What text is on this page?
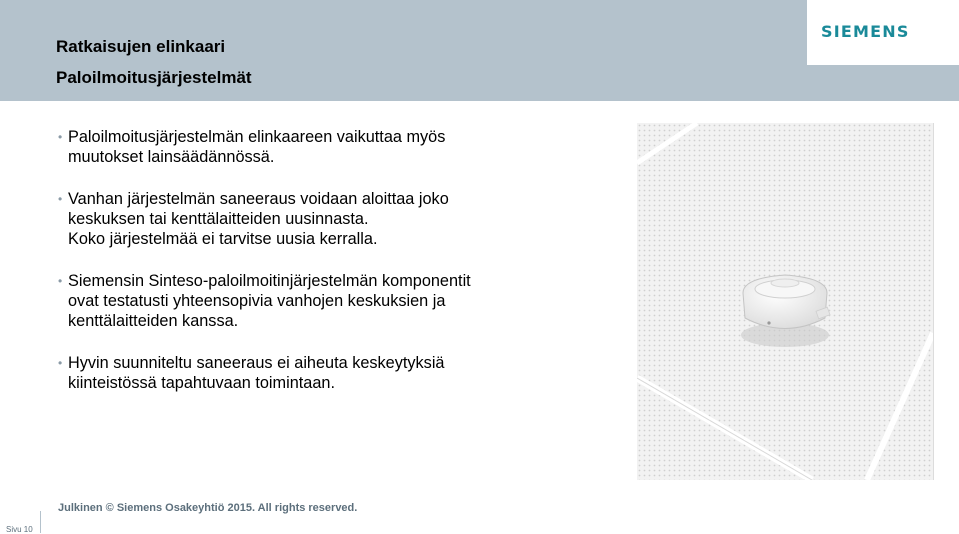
Ratkaisujen elinkaari
Paloilmoitusjärjestelmät
SIEMENS
• Paloilmoitusjärjestelmän elinkaareen vaikuttaa myös
muutokset lainsäädännössä.
• Vanhan järjestelmän saneeraus voidaan aloittaa joko
keskuksen tai kenttälaitteiden uusinnasta.
Koko järjestelmää ei tarvitse uusia kerralla.
• Siemensin Sinteso-paloilmoitinjärjestelmän komponentit
ovat testatusti yhteensopivia vanhojen keskuksien ja
kenttälaitteiden kanssa.
• Hyvin suunniteltu saneeraus ei aiheuta keskeytyksiä
kiinteistössä tapahtuvaan toimintaan.
Julkinen © Siemens Osakeyhtiö 2015. All rights reserved.
Sivu 10
